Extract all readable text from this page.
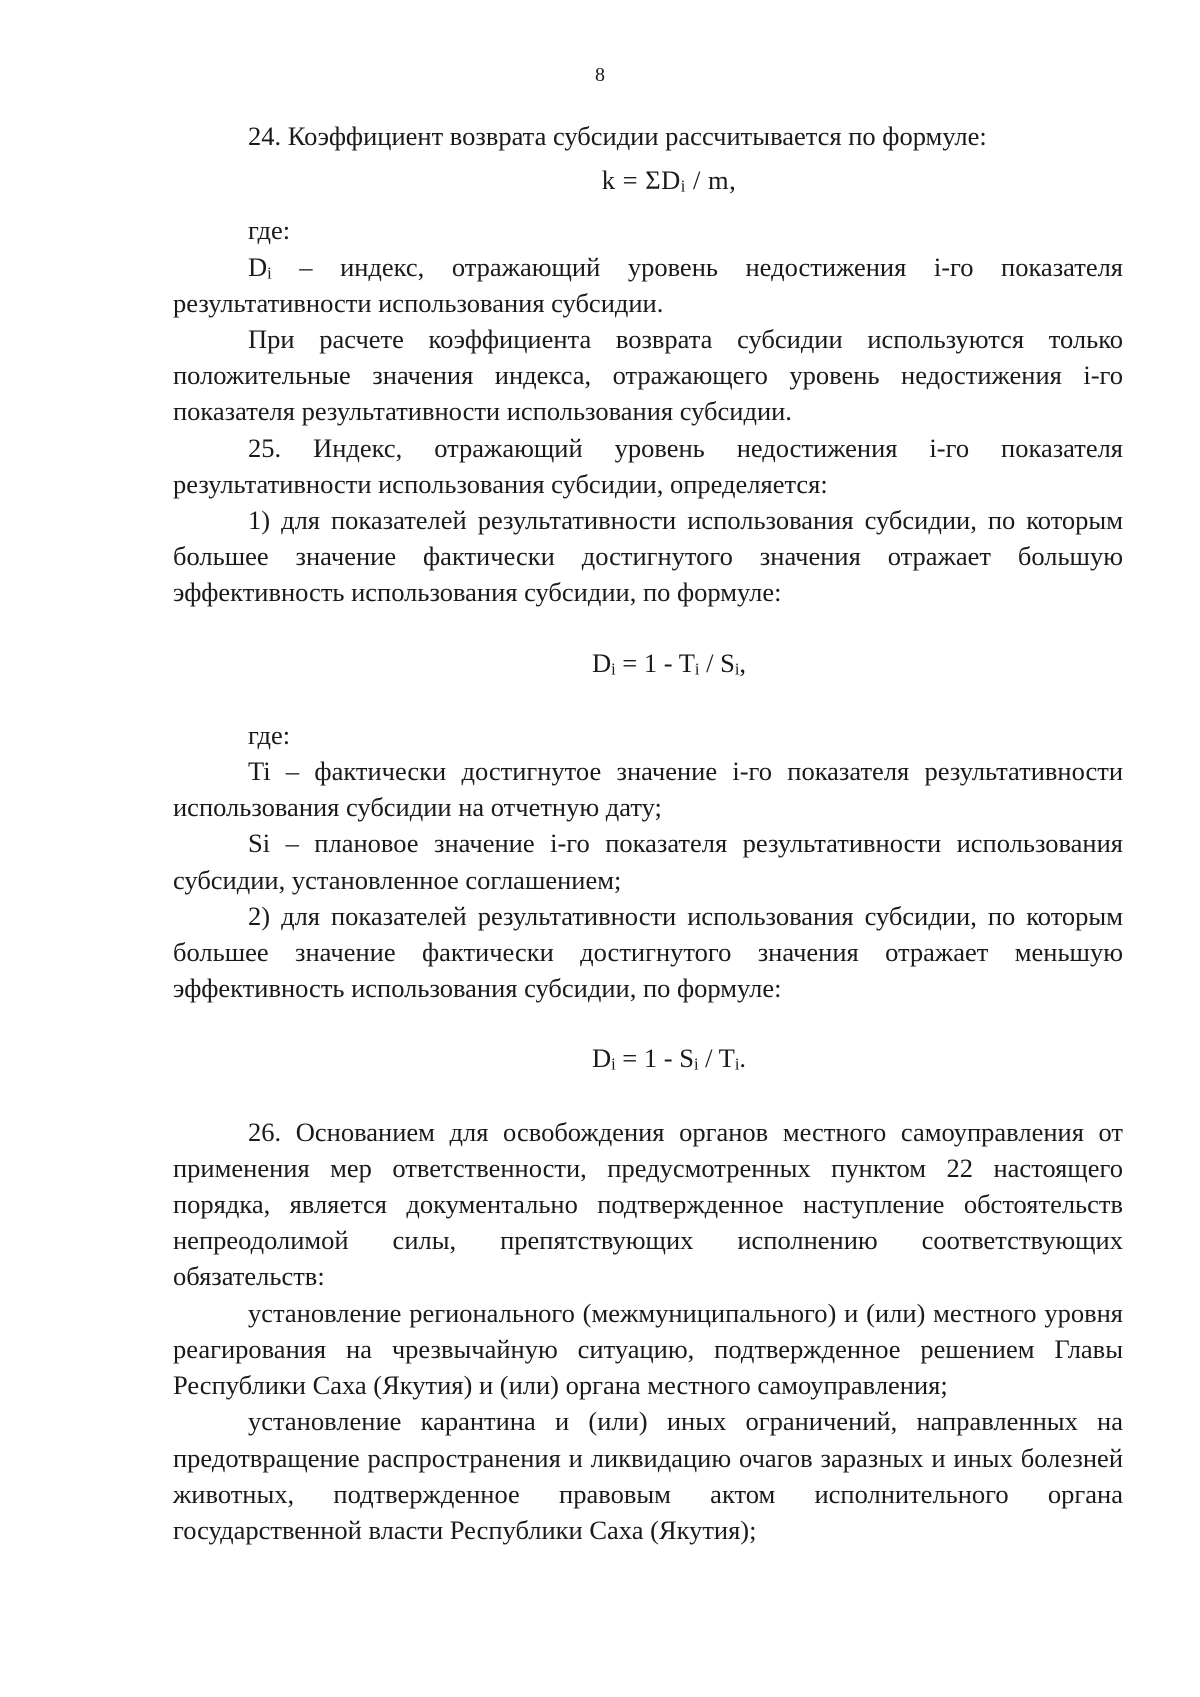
8

24. Коэффициент возврата субсидии рассчитывается по формуле:

$k = \Sigma D_i / m$,

где:

$D_i$ – индекс, отражающий уровень недостижения i-го показателя результативности использования субсидии.

При расчете коэффициента возврата субсидии используются только положительные значения индекса, отражающего уровень недостижения i-го показателя результативности использования субсидии.

25. Индекс, отражающий уровень недостижения i-го показателя результативности использования субсидии, определяется:

1) для показателей результативности использования субсидии, по которым большее значение фактически достигнутого значения отражает большую эффективность использования субсидии, по формуле:

$D_i = 1 - T_i / S_i$,

где:

Ti – фактически достигнутое значение i-го показателя результативности использования субсидии на отчетную дату;

Si – плановое значение i-го показателя результативности использования субсидии, установленное соглашением;

2) для показателей результативности использования субсидии, по которым большее значение фактически достигнутого значения отражает меньшую эффективность использования субсидии, по формуле:

$D_i = 1 - S_i / T_i$.

26. Основанием для освобождения органов местного самоуправления от применения мер ответственности, предусмотренных пунктом 22 настоящего порядка, является документально подтвержденное наступление обстоятельств непреодолимой силы, препятствующих исполнению соответствующих обязательств:

установление регионального (межмуниципального) и (или) местного уровня реагирования на чрезвычайную ситуацию, подтвержденное решением Главы Республики Саха (Якутия) и (или) органа местного самоуправления;

установление карантина и (или) иных ограничений, направленных на предотвращение распространения и ликвидацию очагов заразных и иных болезней животных, подтвержденное правовым актом исполнительного органа государственной власти Республики Саха (Якутия);
